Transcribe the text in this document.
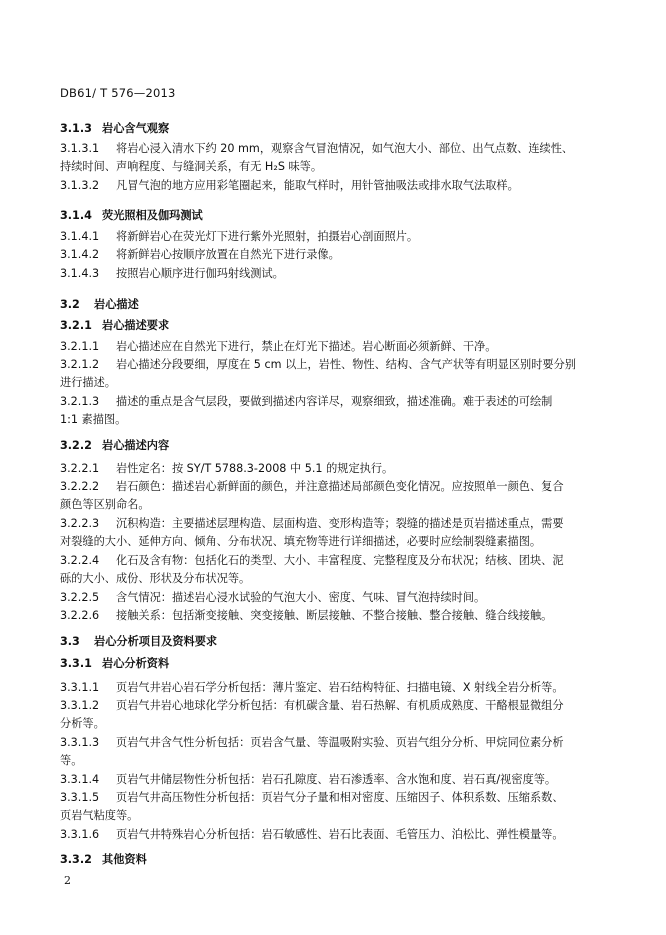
DB61/ T 576—2013
3.1.3 岩心含气观察
3.1.3.1 将岩心浸入清水下约 20 mm，观察含气冒泡情况，如气泡大小、部位、出气点数、连续性、
持续时间、声响程度、与缝洞关系，有无 H₂S 味等。
3.1.3.2 凡冒气泡的地方应用彩笔圈起来，能取气样时，用针管抽吸法或排水取气法取样。
3.1.4 荧光照相及伽玛测试
3.1.4.1 将新鲜岩心在荧光灯下进行紫外光照射，拍摄岩心剖面照片。
3.1.4.2 将新鲜岩心按顺序放置在自然光下进行录像。
3.1.4.3 按照岩心顺序进行伽玛射线测试。
3.2 岩心描述
3.2.1 岩心描述要求
3.2.1.1 岩心描述应在自然光下进行，禁止在灯光下描述。岩心断面必须新鲜、干净。
3.2.1.2 岩心描述分段要细，厚度在 5 cm 以上，岩性、物性、结构、含气产状等有明显区别时要分别
进行描述。
3.2.1.3 描述的重点是含气层段，要做到描述内容详尽，观察细致，描述准确。难于表述的可绘制
1:1 素描图。
3.2.2 岩心描述内容
3.2.2.1 岩性定名：按 SY/T 5788.3-2008 中 5.1 的规定执行。
3.2.2.2 岩石颜色：描述岩心新鲜面的颜色，并注意描述局部颜色变化情况。应按照单一颜色、复合
颜色等区别命名。
3.2.2.3 沉积构造：主要描述层理构造、层面构造、变形构造等；裂缝的描述是页岩描述重点，需要
对裂缝的大小、延伸方向、倾角、分布状况、填充物等进行详细描述，必要时应绘制裂缝素描图。
3.2.2.4 化石及含有物：包括化石的类型、大小、丰富程度、完整程度及分布状况；结核、团块、泥
砾的大小、成份、形状及分布状况等。
3.2.2.5 含气情况：描述岩心浸水试验的气泡大小、密度、气味、冒气泡持续时间。
3.2.2.6 接触关系：包括渐变接触、突变接触、断层接触、不整合接触、整合接触、缝合线接触。
3.3 岩心分析项目及资料要求
3.3.1 岩心分析资料
3.3.1.1 页岩气井岩心岩石学分析包括：薄片鉴定、岩石结构特征、扫描电镜、X 射线全岩分析等。
3.3.1.2 页岩气井岩心地球化学分析包括：有机碳含量、岩石热解、有机质成熟度、干酪根显微组分
分析等。
3.3.1.3 页岩气井含气性分析包括：页岩含气量、等温吸附实验、页岩气组分分析、甲烷同位素分析
等。
3.3.1.4 页岩气井储层物性分析包括：岩石孔隙度、岩石渗透率、含水饱和度、岩石真/视密度等。
3.3.1.5 页岩气井高压物性分析包括：页岩气分子量和相对密度、压缩因子、体积系数、压缩系数、
页岩气粘度等。
3.3.1.6 页岩气井特殊岩心分析包括：岩石敏感性、岩石比表面、毛管压力、泊松比、弹性模量等。
3.3.2 其他资料
2
